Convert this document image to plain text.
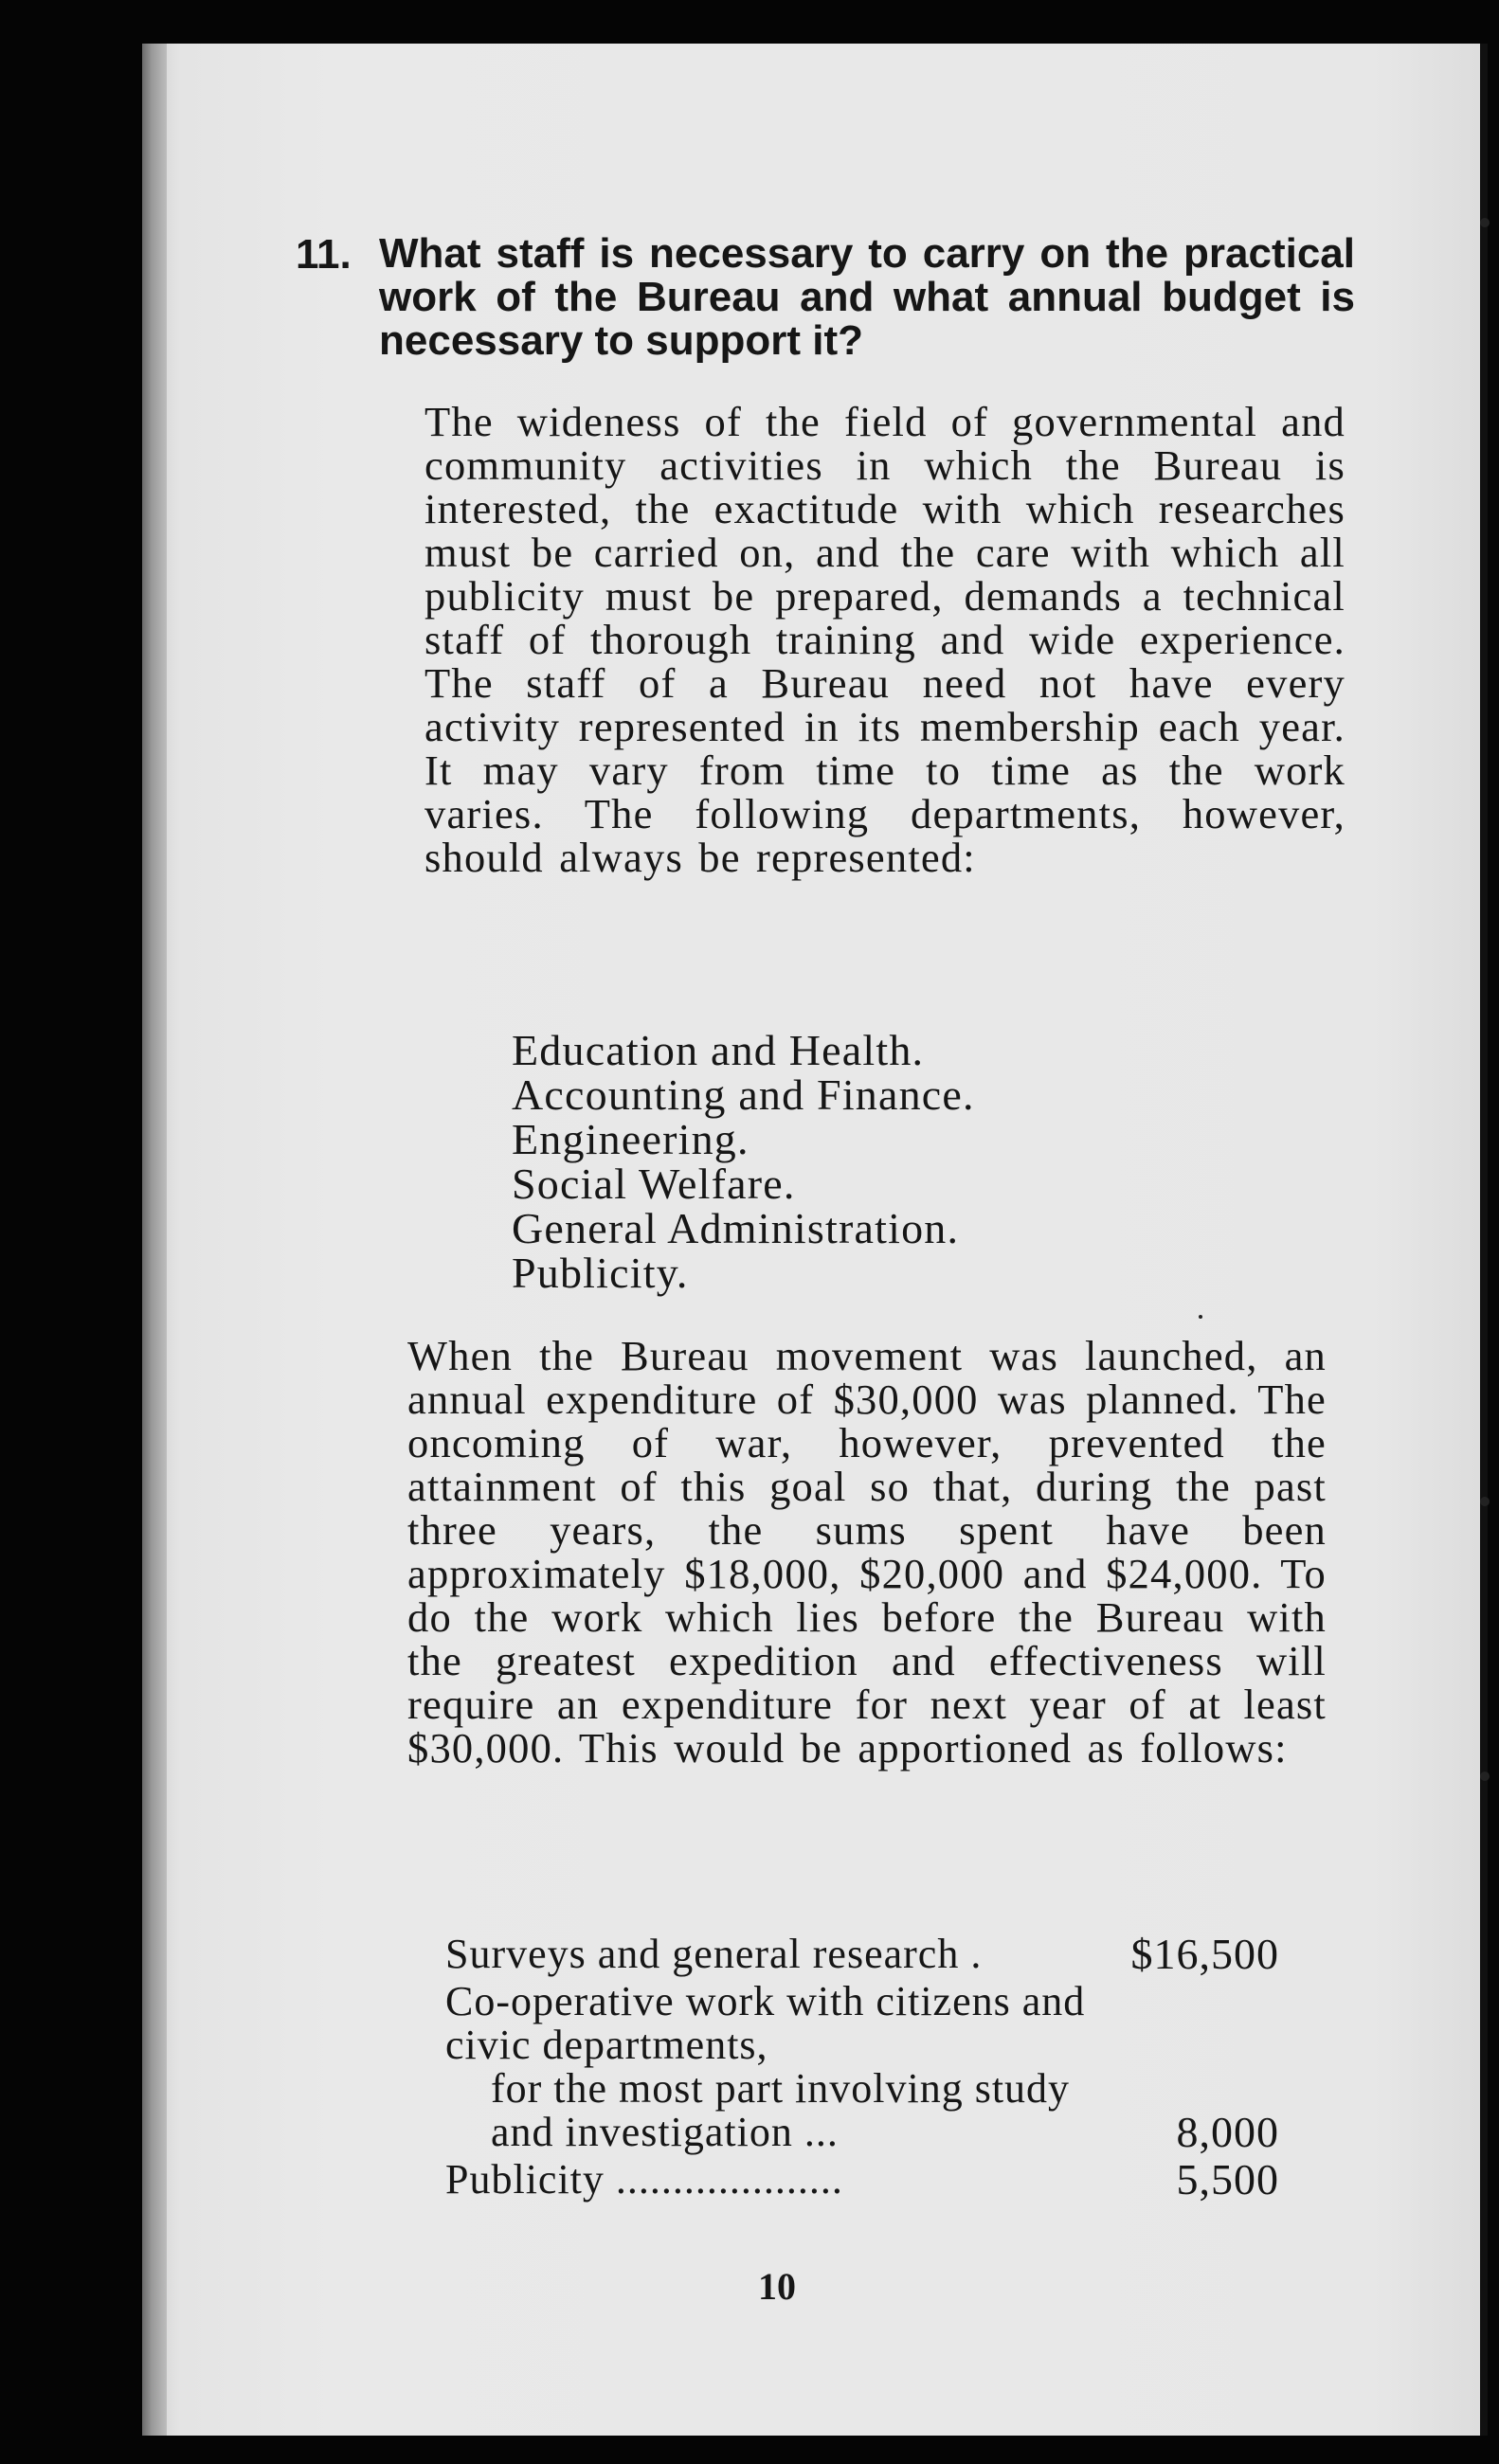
11. What staff is necessary to carry on the practical work of the Bureau and what annual budget is necessary to support it?
The wideness of the field of governmental and community activities in which the Bureau is interested, the exactitude with which researches must be carried on, and the care with which all publicity must be prepared, demands a technical staff of thorough training and wide experience. The staff of a Bureau need not have every activity represented in its membership each year. It may vary from time to time as the work varies. The following departments, however, should always be represented:
Education and Health.
Accounting and Finance.
Engineering.
Social Welfare.
General Administration.
Publicity.
When the Bureau movement was launched, an annual expenditure of $30,000 was planned. The oncoming of war, however, prevented the attainment of this goal so that, during the past three years, the sums spent have been approximately $18,000, $20,000 and $24,000. To do the work which lies before the Bureau with the greatest expedition and effectiveness will require an expenditure for next year of at least $30,000. This would be apportioned as follows:
Surveys and general research .	$16,500
Co-operative work with citizens and civic departments,
for the most part involving study and investigation ...	8,000
Publicity ....................	5,500
10
